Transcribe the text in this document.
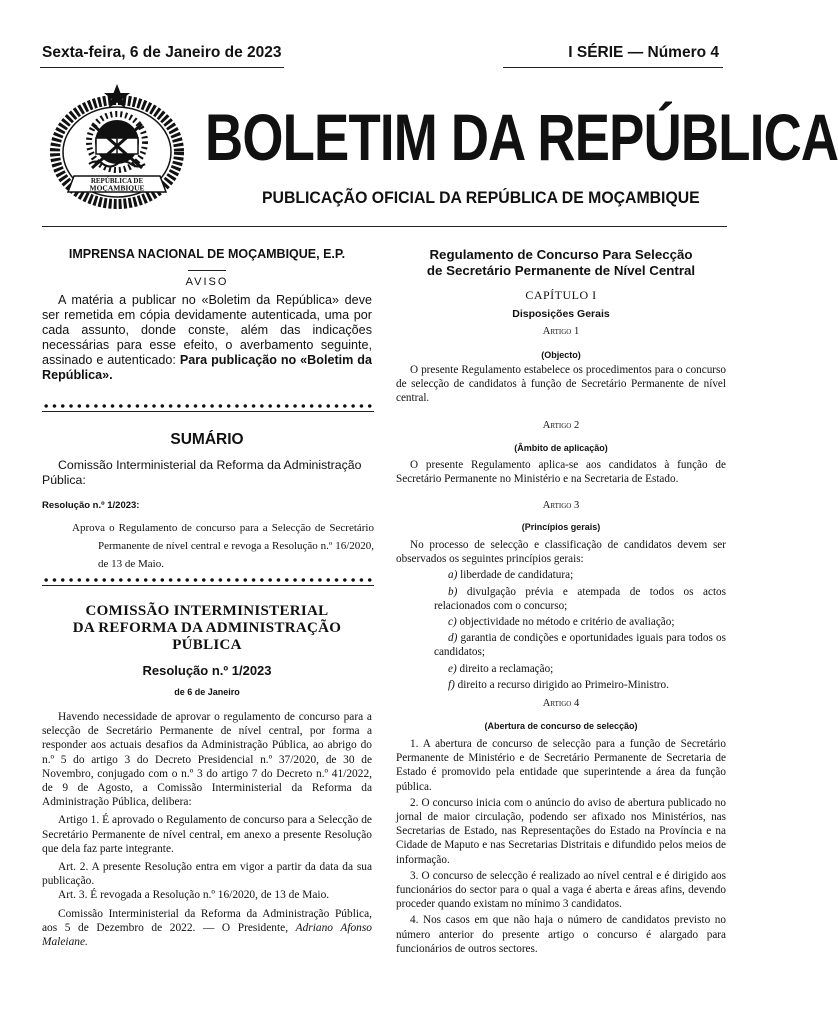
Sexta-feira, 6 de Janeiro de 2023	I SÉRIE — Número 4
REPÚBLICA DE
MOÇAMBIQUE
BOLETIM DA REPÚBLICA
PUBLICAÇÃO OFICIAL DA REPÚBLICA DE MOÇAMBIQUE
IMPRENSA NACIONAL DE MOÇAMBIQUE, E.P.
AVISO
A matéria a publicar no «Boletim da República» deve ser remetida em cópia devidamente autenticada, uma por cada assunto, donde conste, além das indicações necessárias para esse efeito, o averbamento seguinte, assinado e autenticado: Para publicação no «Boletim da República».
SUMÁRIO
Comissão Interministerial da Reforma da Administração Pública:
Resolução n.º 1/2023:
Aprova o Regulamento de concurso para a Selecção de Secretário Permanente de nível central e revoga a Resolução n.º 16/2020, de 13 de Maio.
COMISSÃO INTERMINISTERIAL
DA REFORMA DA ADMINISTRAÇÃO
PÚBLICA
Resolução n.º 1/2023
de 6 de Janeiro

Havendo necessidade de aprovar o regulamento de concurso para a selecção de Secretário Permanente de nível central, por forma a responder aos actuais desafios da Administração Pública, ao abrigo do n.º 5 do artigo 3 do Decreto Presidencial n.º 37/2020, de 30 de Novembro, conjugado com o n.º 3 do artigo 7 do Decreto n.º 41/2022, de 9 de Agosto, a Comissão Interministerial da Reforma da Administração Pública, delibera:

Artigo 1. É aprovado o Regulamento de concurso para a Selecção de Secretário Permanente de nível central, em anexo a presente Resolução que dela faz parte integrante.

Art. 2. A presente Resolução entra em vigor a partir da data da sua publicação.

Art. 3. É revogada a Resolução n.º 16/2020, de 13 de Maio.

Comissão Interministerial da Reforma da Administração Pública, aos 5 de Dezembro de 2022. — O Presidente, Adriano Afonso Maleiane.

Regulamento de Concurso Para Selecção
de Secretário Permanente de Nível Central
CAPÍTULO I
Disposições Gerais
Artigo 1
(Objecto)

O presente Regulamento estabelece os procedimentos para o concurso de selecção de candidatos à função de Secretário Permanente de nível central.

Artigo 2
(Âmbito de aplicação)

O presente Regulamento aplica-se aos candidatos à função de Secretário Permanente no Ministério e na Secretaria de Estado.

Artigo 3
(Princípios gerais)

No processo de selecção e classificação de candidatos devem ser observados os seguintes princípios gerais:

a) liberdade de candidatura;

b) divulgação prévia e atempada de todos os actos relacionados com o concurso;

c) objectividade no método e critério de avaliação;

d) garantia de condições e oportunidades iguais para todos os candidatos;

e) direito a reclamação;

f) direito a recurso dirigido ao Primeiro-Ministro.

Artigo 4
(Abertura de concurso de selecção)

1. A abertura de concurso de selecção para a função de Secretário Permanente de Ministério e de Secretário Permanente de Secretaria de Estado é promovido pela entidade que superintende a área da função pública.

2. O concurso inicia com o anúncio do aviso de abertura publicado no jornal de maior circulação, podendo ser afixado nos Ministérios, nas Secretarias de Estado, nas Representações do Estado na Província e na Cidade de Maputo e nas Secretarias Distritais e difundido pelos meios de informação.

3. O concurso de selecção é realizado ao nível central e é dirigido aos funcionários do sector para o qual a vaga é aberta e áreas afins, devendo proceder quando existam no mínimo 3 candidatos.

4. Nos casos em que não haja o número de candidatos previsto no número anterior do presente artigo o concurso é alargado para funcionários de outros sectores.
